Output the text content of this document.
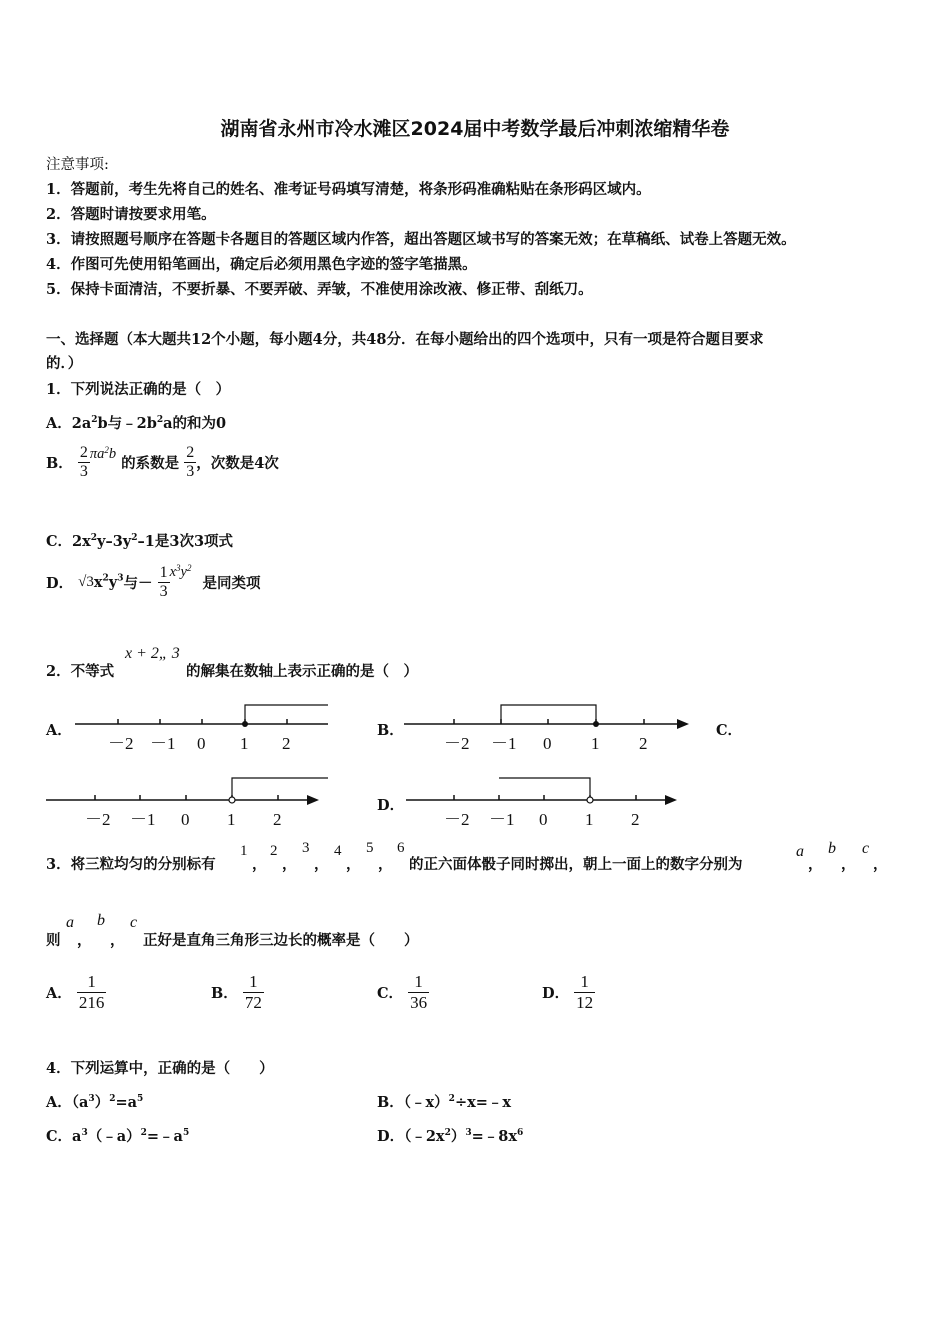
湖南省永州市冷水滩区2024届中考数学最后冲刺浓缩精华卷
注意事项:
1．答题前，考生先将自己的姓名、准考证号码填写清楚，将条形码准确粘贴在条形码区域内。
2．答题时请按要求用笔。
3．请按照题号顺序在答题卡各题目的答题区域内作答，超出答题区域书写的答案无效；在草稿纸、试卷上答题无效。
4．作图可先使用铅笔画出，确定后必须用黑色字迹的签字笔描黑。
5．保持卡面清洁，不要折暴、不要弄破、弄皱，不准使用涂改液、修正带、刮纸刀。
一、选择题（本大题共12个小题，每小题4分，共48分．在每小题给出的四个选项中，只有一项是符合题目要求
的．）
1．下列说法正确的是（　）
A．$2a^2b$与$﹣2b^2a$的和为0
B． $\frac{2}{3} \pi a^2b$ 的系数是 $\frac{2}{3}$ ，次数是4次
C．$2x^2y-3y^2-1$是3次3项式
D． $√3x^2y^3$与－ $\frac{1}{3} x^3y^2$ 是同类项
2．不等式
x + 2„ 3
的解集在数轴上表示正确的是（　）
A．	B．	C．
D．
－2 －1 0 1 2	－2 －1 0 1 2
－2 －1 0 1 2	－2 －1 0 1 2
3．将三粒均匀的分别标有
1
，
2
，
3
，
4
，
5
，
6
的正六面体骰子同时掷出，朝上一面上的数字分别为
a
，
b
，
c
，
则
a
，
b
，
c
正好是直角三角形三边长的概率是（　　）
A． $\frac{1}{216}$	B． $\frac{1}{72}$	C． $\frac{1}{36}$	D． $\frac{1}{12}$
4．下列运算中，正确的是（　　）
A．$(a^3)^2=a^5$	B．（﹣x）$^2$÷x=﹣x
C．$a^3(﹣a)^2=﹣a^5$	D．$(﹣2x^2)^3=﹣8x^6$
